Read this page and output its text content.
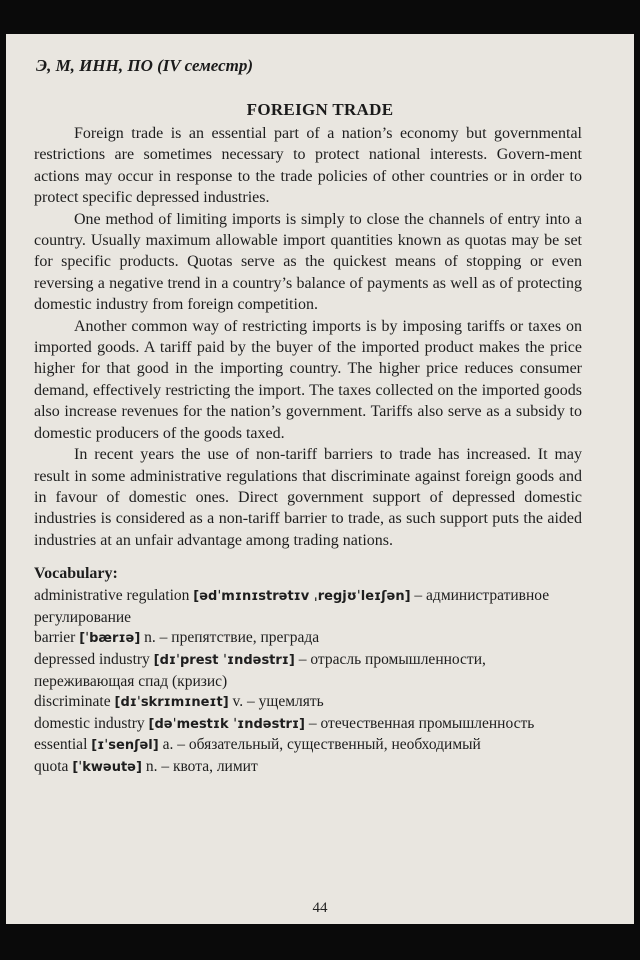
Э, М, ИНН, ПО (IV семестр)
FOREIGN TRADE

Foreign trade is an essential part of a nation’s economy but governmental restrictions are sometimes necessary to protect national interests. Govern-ment actions may occur in response to the trade policies of other countries or in order to protect specific depressed industries.

One method of limiting imports is simply to close the channels of entry into a country. Usually maximum allowable import quantities known as quotas may be set for specific products. Quotas serve as the quickest means of stopping or even reversing a negative trend in a country’s balance of payments as well as of protecting domestic industry from foreign competition.

Another common way of restricting imports is by imposing tariffs or taxes on imported goods. A tariff paid by the buyer of the imported product makes the price higher for that good in the importing country. The higher price reduces consumer demand, effectively restricting the import. The taxes collected on the imported goods also increase revenues for the nation’s government. Tariffs also serve as a subsidy to domestic producers of the goods taxed.

In recent years the use of non-tariff barriers to trade has increased. It may result in some administrative regulations that discriminate against foreign goods and in favour of domestic ones. Direct government support of depressed domestic industries is considered as a non-tariff barrier to trade, as such support puts the aided industries at an unfair advantage among trading nations.

Vocabulary:
administrative regulation [ədˈmɪnɪstrətɪv ˌregjʊˈleɪʃən] – административное регулирование
barrier [ˈbærɪə] n. – препятствие, преграда
depressed industry [dɪˈprest ˈɪndəstrɪ] – отрасль промышленности, переживающая спад (кризис)
discriminate [dɪˈskrɪmɪneɪt] v. – ущемлять
domestic industry [dəˈmestɪk ˈɪndəstrɪ] – отечественная промышленность
essential [ɪˈsenʃəl] a. – обязательный, существенный, необходимый
quota [ˈkwəutə] n. – квота, лимит
44
